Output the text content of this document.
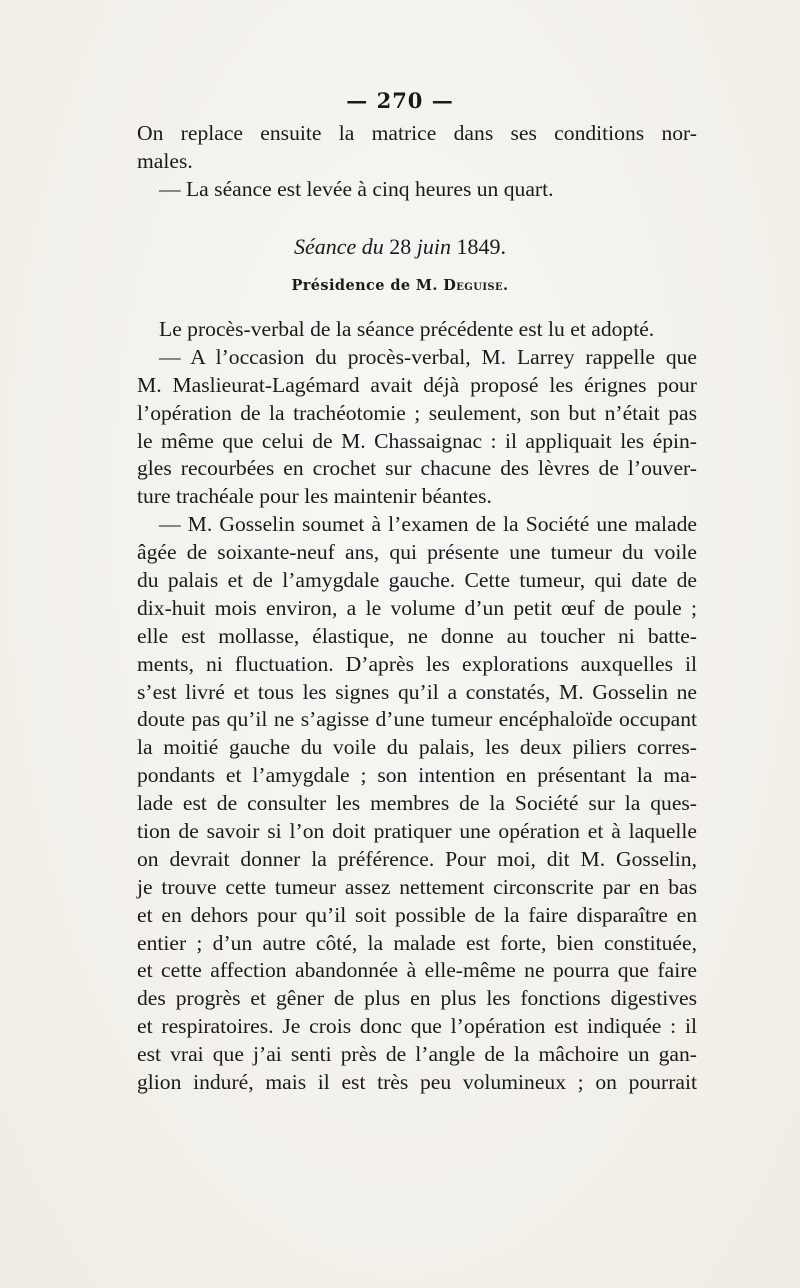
— 270 —
On replace ensuite la matrice dans ses conditions nor-
males.
— La séance est levée à cinq heures un quart.
Séance du 28 juin 1849.
Présidence de M. Deguise.
Le procès-verbal de la séance précédente est lu et adopté.
— A l’occasion du procès-verbal, M. Larrey rappelle que
M. Maslieurat-Lagémard avait déjà proposé les érignes pour
l’opération de la trachéotomie ; seulement, son but n’était pas
le même que celui de M. Chassaignac : il appliquait les épin-
gles recourbées en crochet sur chacune des lèvres de l’ouver-
ture trachéale pour les maintenir béantes.
— M. Gosselin soumet à l’examen de la Société une malade
âgée de soixante-neuf ans, qui présente une tumeur du voile
du palais et de l’amygdale gauche. Cette tumeur, qui date de
dix-huit mois environ, a le volume d’un petit œuf de poule ;
elle est mollasse, élastique, ne donne au toucher ni batte-
ments, ni fluctuation. D’après les explorations auxquelles il
s’est livré et tous les signes qu’il a constatés, M. Gosselin ne
doute pas qu’il ne s’agisse d’une tumeur encéphaloïde occupant
la moitié gauche du voile du palais, les deux piliers corres-
pondants et l’amygdale ; son intention en présentant la ma-
lade est de consulter les membres de la Société sur la ques-
tion de savoir si l’on doit pratiquer une opération et à laquelle
on devrait donner la préférence. Pour moi, dit M. Gosselin,
je trouve cette tumeur assez nettement circonscrite par en bas
et en dehors pour qu’il soit possible de la faire disparaître en
entier ; d’un autre côté, la malade est forte, bien constituée,
et cette affection abandonnée à elle-même ne pourra que faire
des progrès et gêner de plus en plus les fonctions digestives
et respiratoires. Je crois donc que l’opération est indiquée : il
est vrai que j’ai senti près de l’angle de la mâchoire un gan-
glion induré, mais il est très peu volumineux ; on pourrait
